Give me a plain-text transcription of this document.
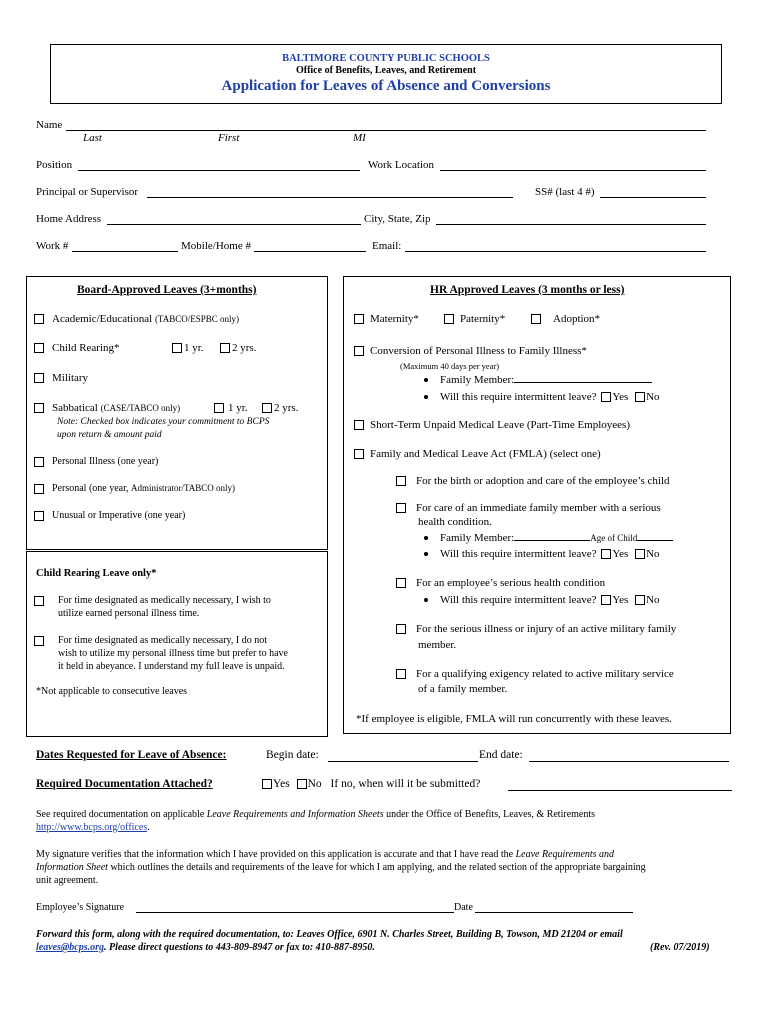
BALTIMORE COUNTY PUBLIC SCHOOLS
Office of Benefits, Leaves, and Retirement
Application for Leaves of Absence and Conversions
Name
Last	First	MI
Position	Work Location
Principal or Supervisor	SS# (last 4 #)
Home Address	City, State, Zip
Work #	Mobile/Home #	Email:
Board-Approved Leaves (3+months)
Academic/Educational (TABCO/ESPBC only)
Child Rearing*	1 yr.	2 yrs.
Military
Sabbatical (CASE/TABCO only)	1 yr.	2 yrs.
Note: Checked box indicates your commitment to BCPS
upon return & amount paid
Personal Illness (one year)
Personal (one year, Administrator/TABCO only)
Unusual or Imperative (one year)
Child Rearing Leave only*
For time designated as medically necessary, I wish to
utilize earned personal illness time.
For time designated as medically necessary, I do not
wish to utilize my personal illness time but prefer to have
it held in abeyance. I understand my full leave is unpaid.
*Not applicable to consecutive leaves
HR Approved Leaves (3 months or less)
Maternity*	Paternity*	Adoption*
Conversion of Personal Illness to Family Illness*
(Maximum 40 days per year)
Family Member:
Will this require intermittent leave? Yes No
Short-Term Unpaid Medical Leave (Part-Time Employees)
Family and Medical Leave Act (FMLA) (select one)
For the birth or adoption and care of the employee’s child
For care of an immediate family member with a serious
health condition.
Family Member:	Age of Child
Will this require intermittent leave? Yes No
For an employee’s serious health condition
Will this require intermittent leave? Yes No
For the serious illness or injury of an active military family
member.
For a qualifying exigency related to active military service
of a family member.
*If employee is eligible, FMLA will run concurrently with these leaves.
Dates Requested for Leave of Absence:	Begin date:	End date:
Required Documentation Attached?	Yes No If no, when will it be submitted?
See required documentation on applicable Leave Requirements and Information Sheets under the Office of Benefits, Leaves, & Retirements
http://www.bcps.org/offices.
My signature verifies that the information which I have provided on this application is accurate and that I have read the Leave Requirements and
Information Sheet which outlines the details and requirements of the leave for which I am applying, and the related section of the appropriate bargaining
unit agreement.
Employee’s Signature	Date
Forward this form, along with the required documentation, to: Leaves Office, 6901 N. Charles Street, Building B, Towson, MD 21204 or email
leaves@bcps.org. Please direct questions to 443-809-8947 or fax to: 410-887-8950.	(Rev. 07/2019)
